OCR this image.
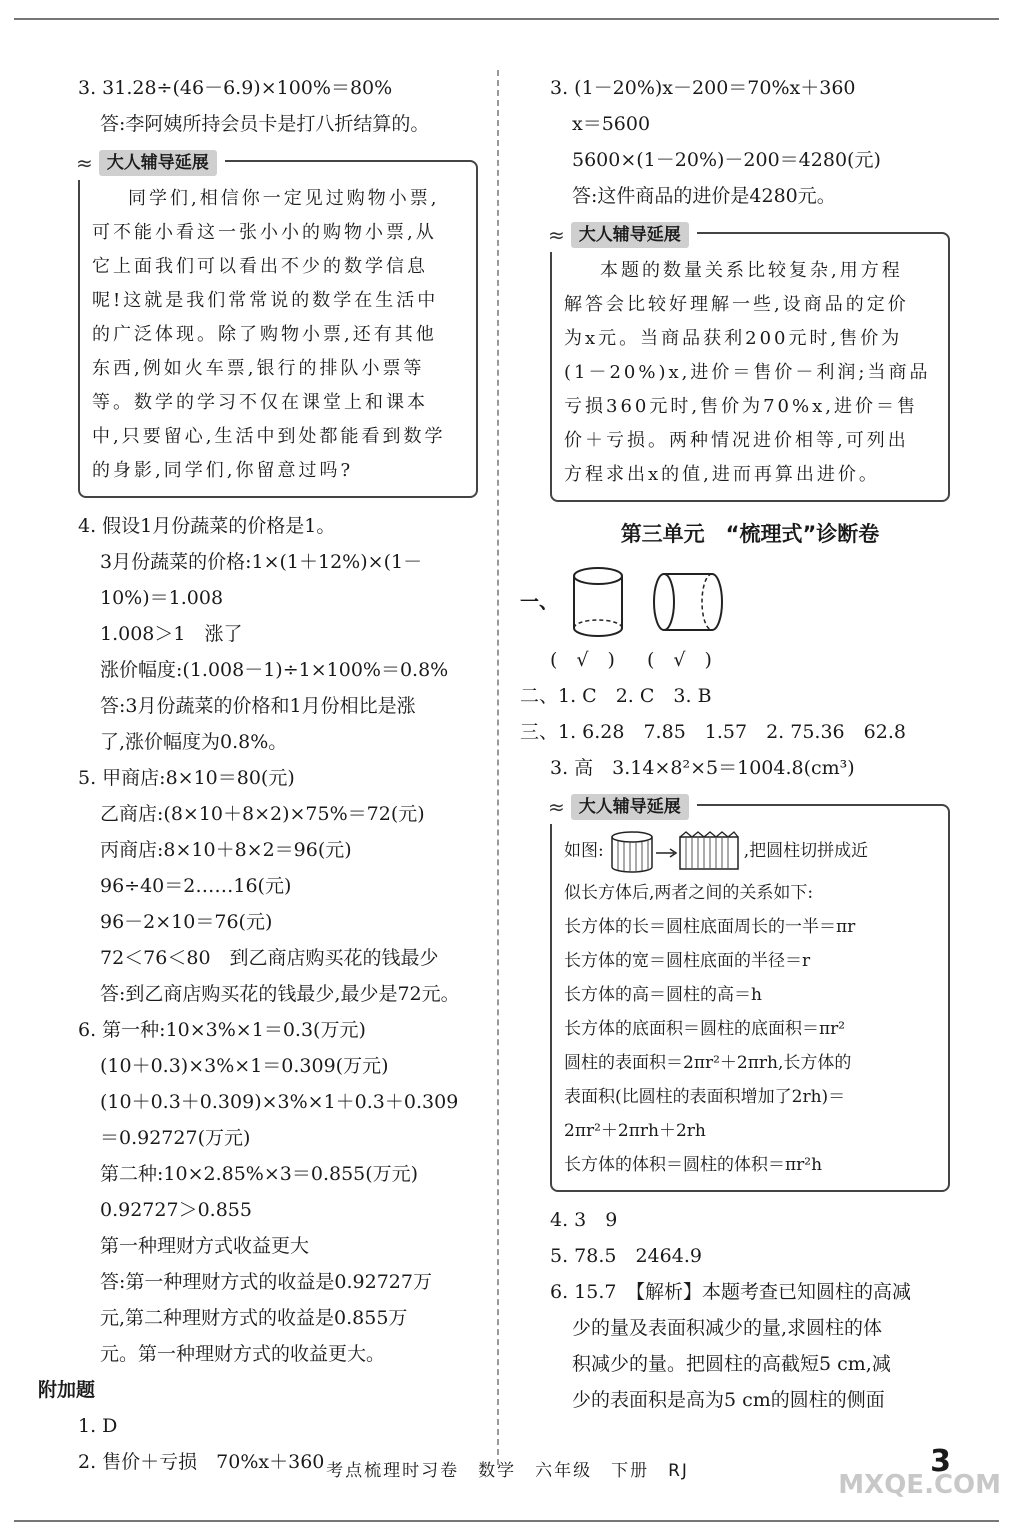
3. 31.28÷(46－6.9)×100%＝80%
答:李阿姨所持会员卡是打八折结算的。
≈ 大人辅导延展
同学们,相信你一定见过购物小票,
可不能小看这一张小小的购物小票,从
它上面我们可以看出不少的数学信息
呢!这就是我们常常说的数学在生活中
的广泛体现。除了购物小票,还有其他
东西,例如火车票,银行的排队小票等
等。数学的学习不仅在课堂上和课本
中,只要留心,生活中到处都能看到数学
的身影,同学们,你留意过吗?
4. 假设1月份蔬菜的价格是1。
3月份蔬菜的价格:1×(1＋12%)×(1－
10%)＝1.008
1.008＞1　涨了
涨价幅度:(1.008－1)÷1×100%＝0.8%
答:3月份蔬菜的价格和1月份相比是涨
了,涨价幅度为0.8%。
5. 甲商店:8×10＝80(元)
乙商店:(8×10＋8×2)×75%＝72(元)
丙商店:8×10＋8×2＝96(元)
96÷40＝2……16(元)
96－2×10＝76(元)
72＜76＜80　到乙商店购买花的钱最少
答:到乙商店购买花的钱最少,最少是72元。
6. 第一种:10×3%×1＝0.3(万元)
(10＋0.3)×3%×1＝0.309(万元)
(10＋0.3＋0.309)×3%×1＋0.3＋0.309
＝0.92727(万元)
第二种:10×2.85%×3＝0.855(万元)
0.92727＞0.855
第一种理财方式收益更大
答:第一种理财方式的收益是0.92727万
元,第二种理财方式的收益是0.855万
元。第一种理财方式的收益更大。
附加题
1. D
2. 售价＋亏损　70%x＋360
3. (1－20%)x－200＝70%x＋360
x＝5600
5600×(1－20%)－200＝4280(元)
答:这件商品的进价是4280元。
≈ 大人辅导延展
本题的数量关系比较复杂,用方程
解答会比较好理解一些,设商品的定价
为x元。当商品获利200元时,售价为
(1－20%)x,进价＝售价－利润;当商品
亏损360元时,售价为70%x,进价＝售
价＋亏损。两种情况进价相等,可列出
方程求出x的值,进而再算出进价。
第三单元　“梳理式”诊断卷
一、
(　√　) (　√　)
二、1. C　2. C　3. B
三、1. 6.28　7.85　1.57　2. 75.36　62.8
3. 高　3.14×8²×5＝1004.8(cm³)
≈ 大人辅导延展
如图:	,把圆柱切拼成近
似长方体后,两者之间的关系如下:
长方体的长＝圆柱底面周长的一半＝πr
长方体的宽＝圆柱底面的半径＝r
长方体的高＝圆柱的高＝h
长方体的底面积＝圆柱的底面积＝πr²
圆柱的表面积＝2πr²＋2πrh,长方体的
表面积(比圆柱的表面积增加了2rh)＝
2πr²＋2πrh＋2rh
长方体的体积＝圆柱的体积＝πr²h
4. 3　9
5. 78.5　2464.9
6. 15.7　【解析】本题考查已知圆柱的高减
少的量及表面积减少的量,求圆柱的体
积减少的量。把圆柱的高截短5 cm,减
少的表面积是高为5 cm的圆柱的侧面
考点梳理时习卷　数学　六年级　下册　RJ	3
MXQE.COM
